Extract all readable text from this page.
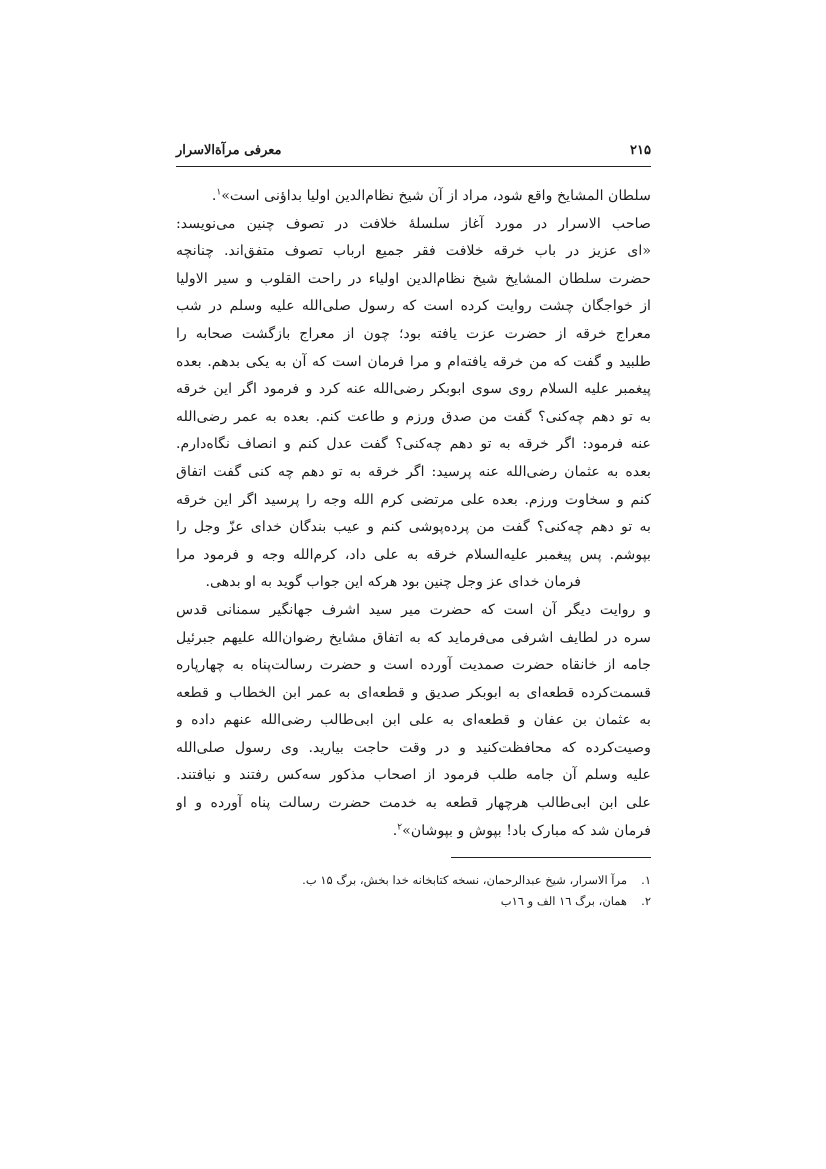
۲۱۵
معرفی مرآةالاسرار
سلطان المشایخ واقع شود، مراد از آن شیخ نظام‌الدین اولیا بداؤنی است»$^۱$.
صاحب الاسرار در مورد آغاز سلسلهٔ خلافت در تصوف چنین می‌نویسد:
«ای عزیز در باب خرقه خلافت فقر جمیع ارباب تصوف متفق‌اند. چنانچه
حضرت سلطان المشایخ شیخ نظام‌الدین اولیاء در راحت القلوب و سیر الاولیا
از خواجگان چشت روایت کرده است که رسول صلی‌الله علیه وسلم در شب
معراج خرقه از حضرت عزت یافته بود؛ چون از معراج بازگشت صحابه را
طلبید و گفت که من خرقه یافته‌ام و مرا فرمان است که آن به یکی بدهم. بعده
پیغمبر علیه السلام روی سوی ابوبکر رضی‌الله عنه کرد و فرمود اگر این خرقه
به تو دهم چه‌کنی؟ گفت من صدق ورزم و طاعت کنم. بعده به عمر رضی‌الله
عنه فرمود: اگر خرقه به تو دهم چه‌کنی؟ گفت عدل کنم و انصاف نگاه‌دارم.
بعده به عثمان رضی‌الله عنه پرسید: اگر خرقه به تو دهم چه کنی گفت اتفاق
کنم و سخاوت ورزم. بعده علی مرتضی کرم الله وجه را پرسید اگر این خرقه
به تو دهم چه‌کنی؟ گفت من پرده‌پوشی کنم و عیب بندگان خدای عزّ وجل را
بپوشم. پس پیغمبر علیه‌السلام خرقه به علی داد، کرم‌الله وجه و فرمود مرا
فرمان خدای عز وجل چنین بود هرکه این جواب گوید به او بدهی.
و روایت دیگر آن است که حضرت میر سید اشرف جهانگیر سمنانی قدس
سره در لطایف اشرفی می‌فرماید که به اتفاق مشایخ رضوان‌الله علیهم جبرئیل
جامه از خانقاه حضرت صمدیت آورده است و حضرت رسالت‌پناه به چهارپاره
قسمت‌کرده قطعه‌ای به ابوبکر صدیق و قطعه‌ای به عمر ابن الخطاب و قطعه
به عثمان بن عفان و قطعه‌ای به علی ابن ابی‌طالب رضی‌الله عنهم داده و
وصیت‌کرده که محافظت‌کنید و در وقت حاجت بیارید. وی رسول صلی‌الله
علیه وسلم آن جامه طلب فرمود از اصحاب مذکور سه‌کس رفتند و نیافتند.
علی ابن ابی‌طالب هرچهار قطعه به خدمت حضرت رسالت پناه آورده و او
فرمان شد که مبارک باد! بپوش و بپوشان»$^۲$.
۱.مرآ الاسرار، شیخ عبدالرحمان، نسخه کتابخانه خدا بخش، برگ ۱۵ ب.
۲.همان، برگ ۱٦ الف و ۱٦ب
